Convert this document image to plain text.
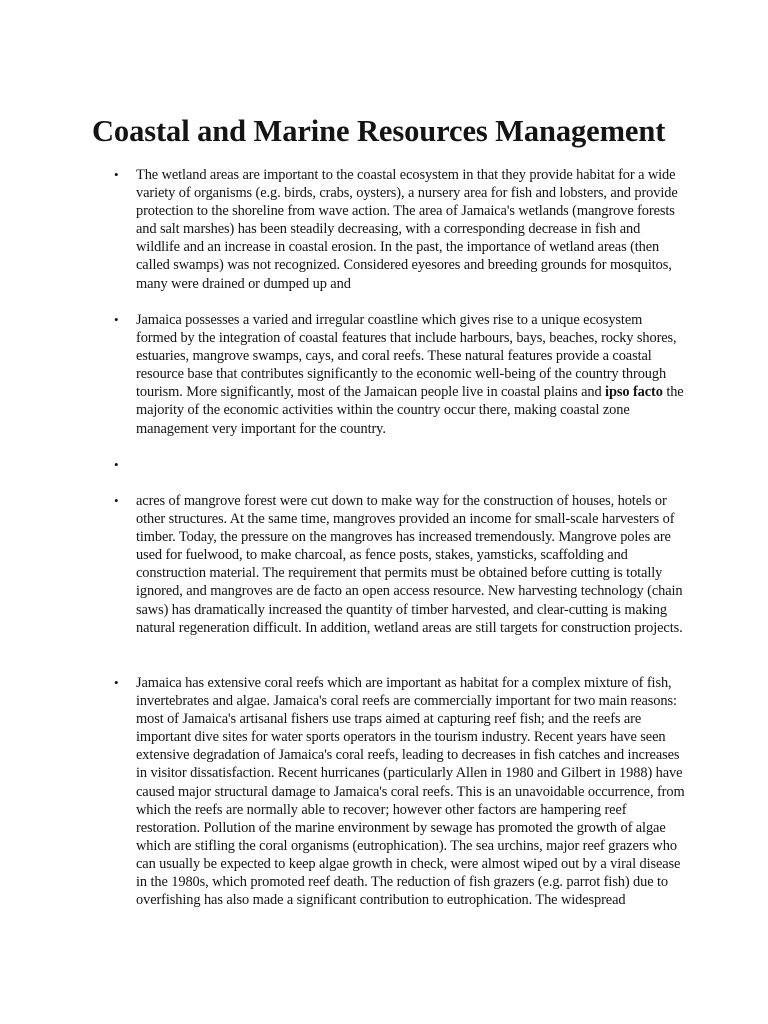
Coastal and Marine Resources Management
• The wetland areas are important to the coastal ecosystem in that they provide habitat for a wide variety of organisms (e.g. birds, crabs, oysters), a nursery area for fish and lobsters, and provide protection to the shoreline from wave action. The area of Jamaica's wetlands (mangrove forests and salt marshes) has been steadily decreasing, with a corresponding decrease in fish and wildlife and an increase in coastal erosion. In the past, the importance of wetland areas (then called swamps) was not recognized. Considered eyesores and breeding grounds for mosquitos, many were drained or dumped up and
• Jamaica possesses a varied and irregular coastline which gives rise to a unique ecosystem formed by the integration of coastal features that include harbours, bays, beaches, rocky shores, estuaries, mangrove swamps, cays, and coral reefs. These natural features provide a coastal resource base that contributes significantly to the economic well-being of the country through tourism. More significantly, most of the Jamaican people live in coastal plains and ipso facto the majority of the economic activities within the country occur there, making coastal zone management very important for the country.
•
• acres of mangrove forest were cut down to make way for the construction of houses, hotels or other structures. At the same time, mangroves provided an income for small-scale harvesters of timber. Today, the pressure on the mangroves has increased tremendously. Mangrove poles are used for fuelwood, to make charcoal, as fence posts, stakes, yamsticks, scaffolding and construction material. The requirement that permits must be obtained before cutting is totally ignored, and mangroves are de facto an open access resource. New harvesting technology (chain saws) has dramatically increased the quantity of timber harvested, and clear-cutting is making natural regeneration difficult. In addition, wetland areas are still targets for construction projects.
• Jamaica has extensive coral reefs which are important as habitat for a complex mixture of fish, invertebrates and algae. Jamaica's coral reefs are commercially important for two main reasons: most of Jamaica's artisanal fishers use traps aimed at capturing reef fish; and the reefs are important dive sites for water sports operators in the tourism industry. Recent years have seen extensive degradation of Jamaica's coral reefs, leading to decreases in fish catches and increases in visitor dissatisfaction. Recent hurricanes (particularly Allen in 1980 and Gilbert in 1988) have caused major structural damage to Jamaica's coral reefs. This is an unavoidable occurrence, from which the reefs are normally able to recover; however other factors are hampering reef restoration. Pollution of the marine environment by sewage has promoted the growth of algae which are stifling the coral organisms (eutrophication). The sea urchins, major reef grazers who can usually be expected to keep algae growth in check, were almost wiped out by a viral disease in the 1980s, which promoted reef death. The reduction of fish grazers (e.g. parrot fish) due to overfishing has also made a significant contribution to eutrophication. The widespread
